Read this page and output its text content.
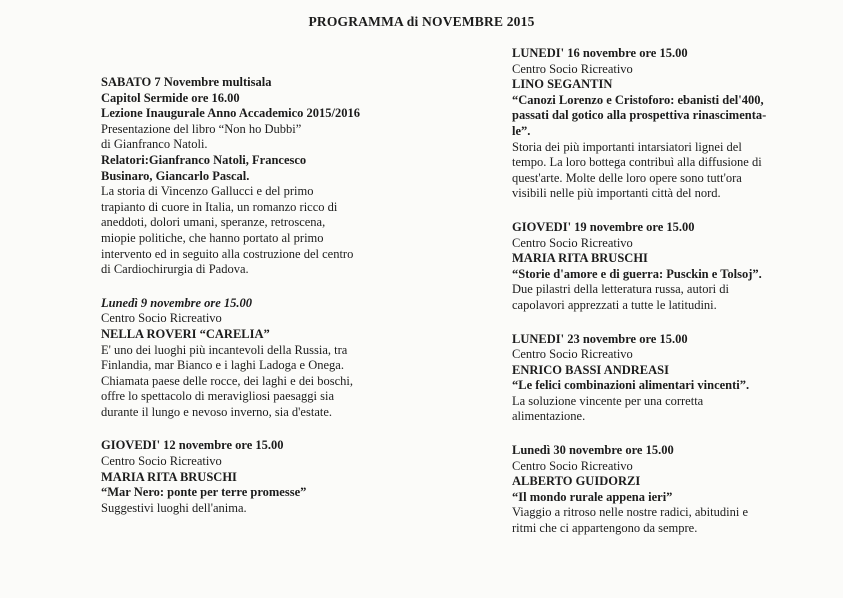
PROGRAMMA di NOVEMBRE 2015
SABATO 7 Novembre multisala
Capitol Sermide ore 16.00
Lezione Inaugurale Anno Accademico 2015/2016
Presentazione del libro “Non ho Dubbi”
di Gianfranco Natoli.
Relatori:Gianfranco Natoli, Francesco
Businaro, Giancarlo Pascal.
La storia di Vincenzo Gallucci e del primo
trapianto di cuore in Italia, un romanzo ricco di
aneddoti, dolori umani, speranze, retroscena,
miopie politiche, che hanno portato al primo
intervento ed in seguito alla costruzione del centro
di Cardiochirurgia di Padova.
Lunedì 9 novembre ore 15.00
Centro Socio Ricreativo
NELLA ROVERI “CARELIA”
E' uno dei luoghi più incantevoli della Russia, tra
Finlandia, mar Bianco e i laghi Ladoga e Onega.
Chiamata paese delle rocce, dei laghi e dei boschi,
offre lo spettacolo di meravigliosi paesaggi sia
durante il lungo e nevoso inverno, sia d'estate.
GIOVEDI' 12 novembre ore 15.00
Centro Socio Ricreativo
MARIA RITA BRUSCHI
“Mar Nero: ponte per terre promesse”
Suggestivi luoghi dell'anima.
LUNEDI' 16 novembre ore 15.00
Centro Socio Ricreativo
LINO SEGANTIN
“Canozi Lorenzo e Cristoforo: ebanisti del'400,
passati dal gotico alla prospettiva rinascimenta-
le”.
Storia dei più importanti intarsiatori lignei del
tempo. La loro bottega contribuì alla diffusione di
quest'arte. Molte delle loro opere sono tutt'ora
visibili nelle più importanti città del nord.
GIOVEDI' 19 novembre ore 15.00
Centro Socio Ricreativo
MARIA RITA BRUSCHI
“Storie d'amore e di guerra: Pusckin e Tolsoj”.
Due pilastri della letteratura russa, autori di
capolavori apprezzati a tutte le latitudini.
LUNEDI' 23 novembre ore 15.00
Centro Socio Ricreativo
ENRICO BASSI ANDREASI
“Le felici combinazioni alimentari vincenti”.
La soluzione vincente per una corretta
alimentazione.
Lunedì 30 novembre ore 15.00
Centro Socio Ricreativo
ALBERTO GUIDORZI
“Il mondo rurale appena ieri”
Viaggio a ritroso nelle nostre radici, abitudini e
ritmi che ci appartengono da sempre.
